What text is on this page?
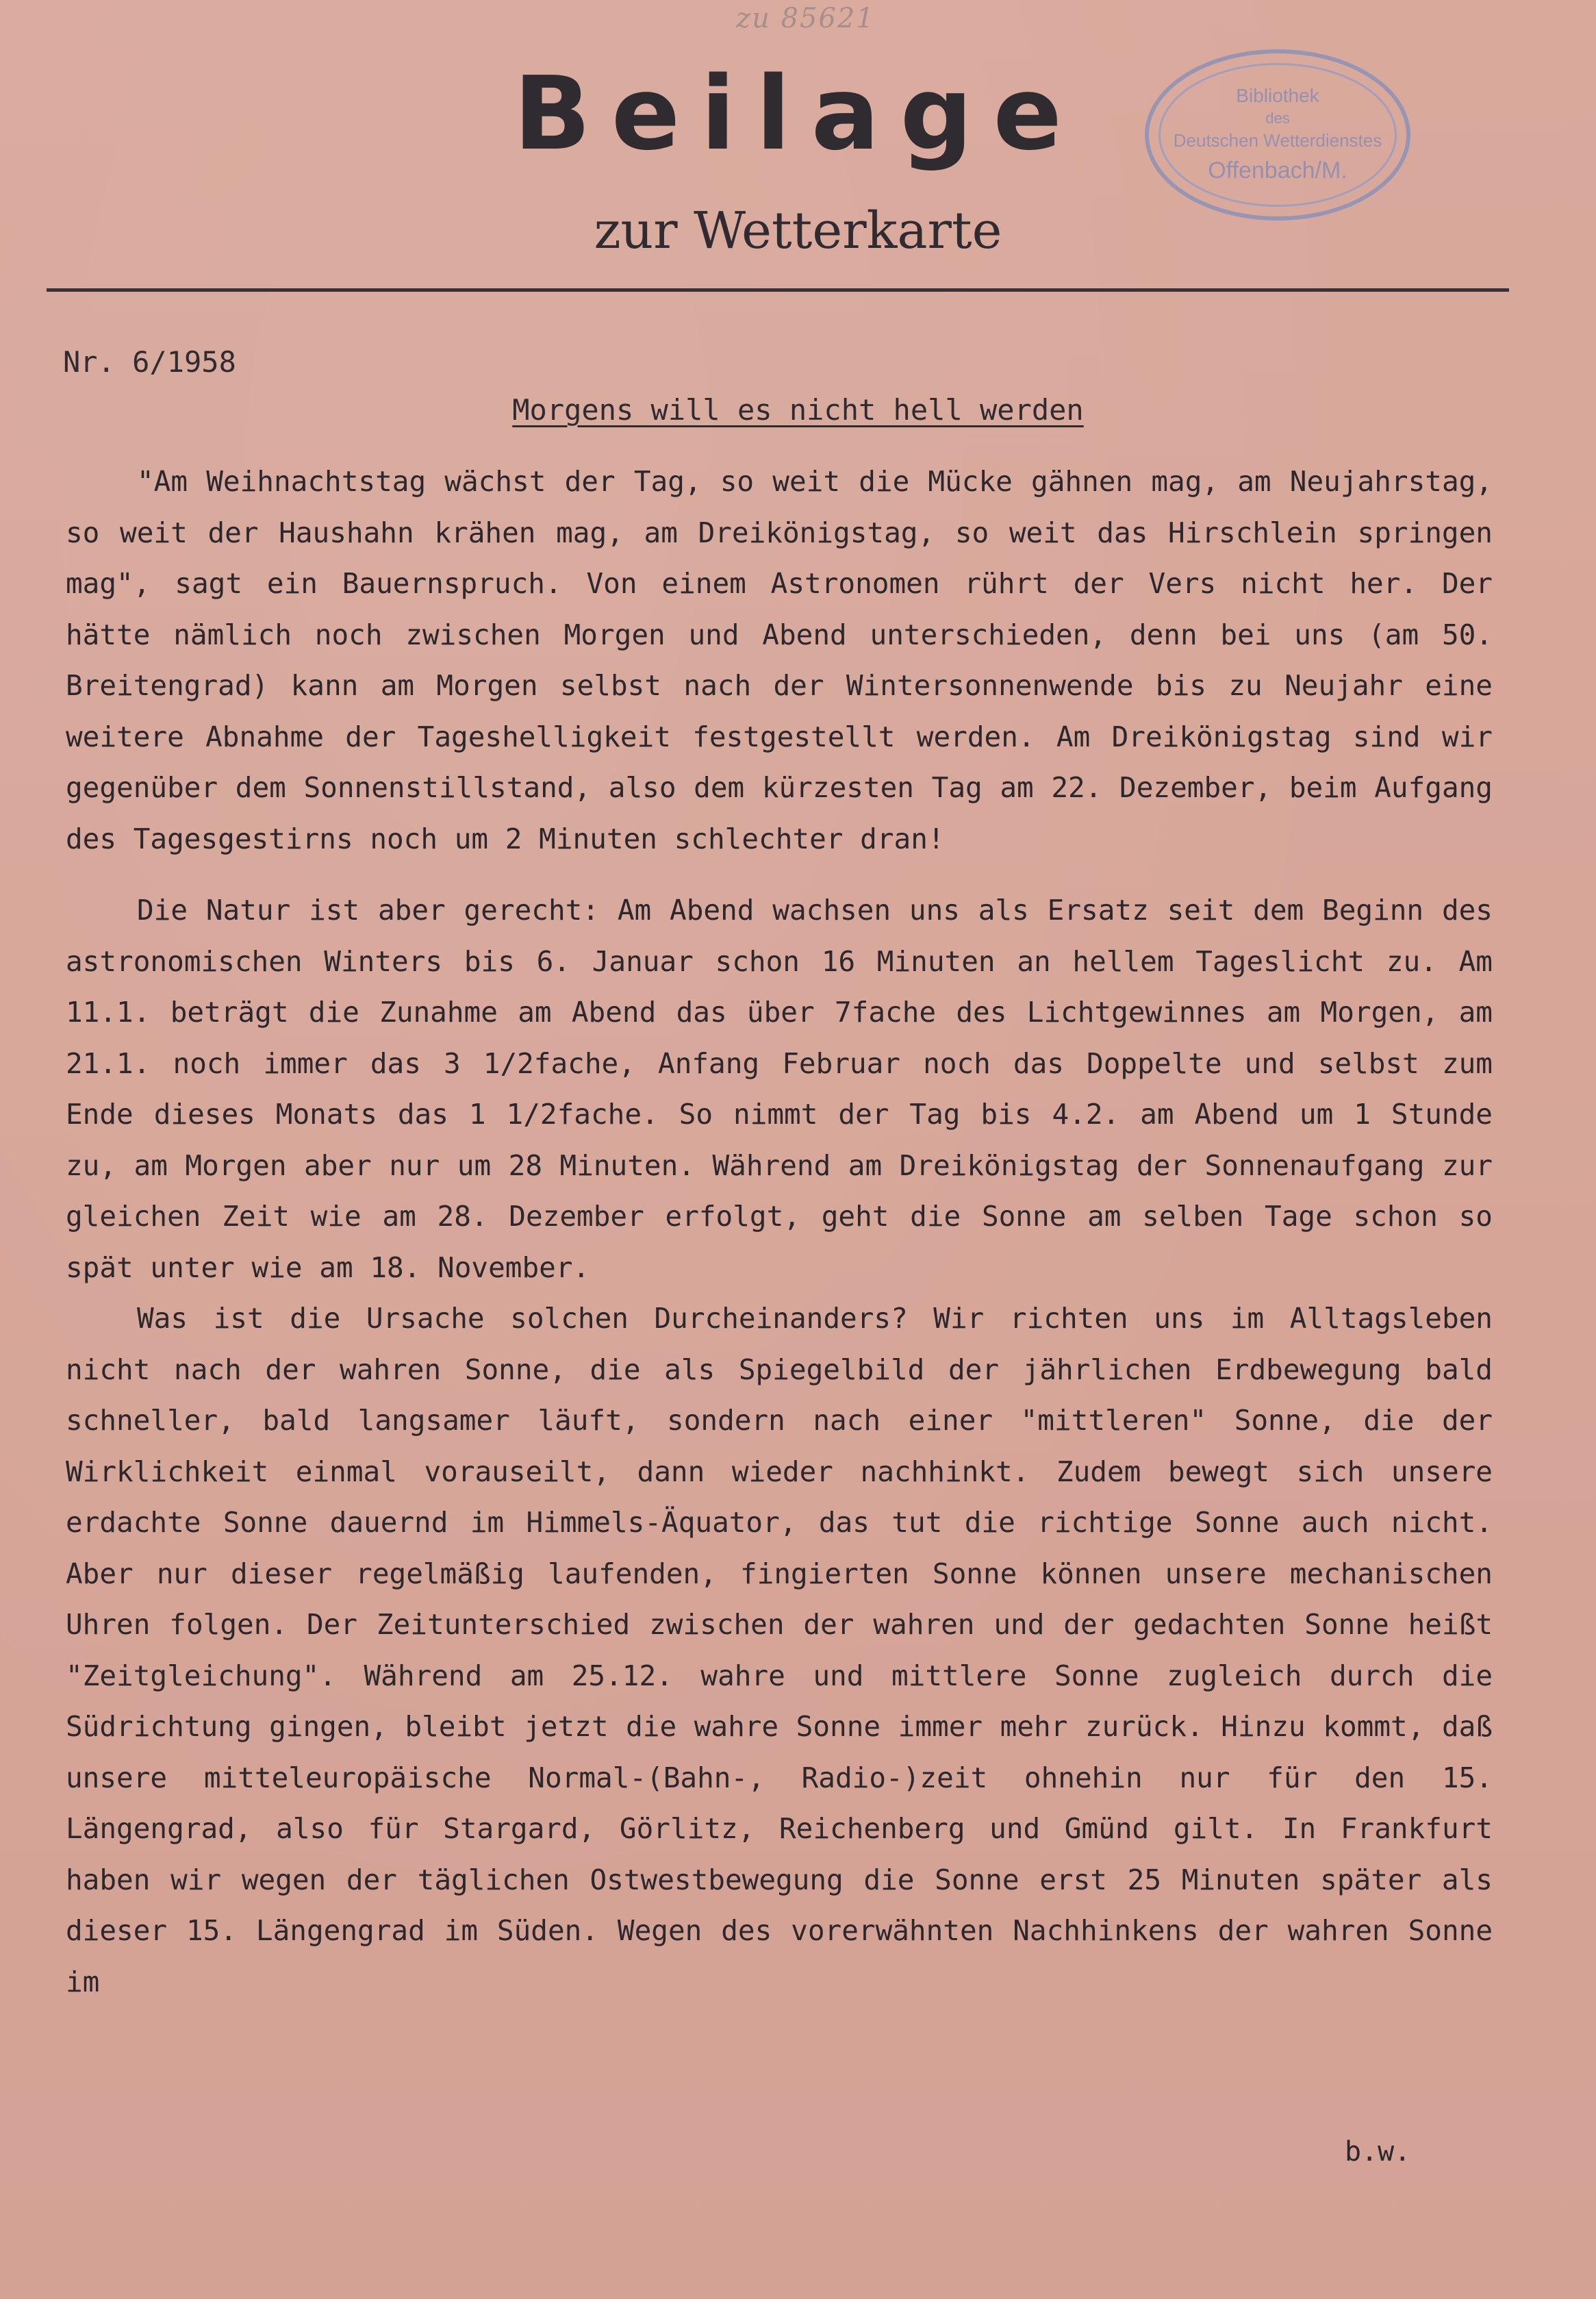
zu 85621
Beilage
zur Wetterkarte
Bibliothek
des
Deutschen Wetterdienstes
Offenbach/M.
Nr. 6/1958
Morgens will es nicht hell werden

"Am Weihnachtstag wächst der Tag, so weit die Mücke gähnen mag, am Neujahrstag, so weit der Haushahn krähen mag, am Dreikönigstag, so weit das Hirschlein springen mag", sagt ein Bauernspruch. Von einem Astronomen rührt der Vers nicht her. Der hätte nämlich noch zwischen Morgen und Abend unterschieden, denn bei uns (am 50. Breitengrad) kann am Morgen selbst nach der Wintersonnenwende bis zu Neujahr eine weitere Abnahme der Tageshelligkeit festgestellt werden. Am Dreikönigstag sind wir gegenüber dem Sonnenstillstand, also dem kürzesten Tag am 22. Dezember, beim Aufgang des Tagesgestirns noch um 2 Minuten schlechter dran!

Die Natur ist aber gerecht: Am Abend wachsen uns als Ersatz seit dem Beginn des astronomischen Winters bis 6. Januar schon 16 Minuten an hellem Tageslicht zu. Am 11.1. beträgt die Zunahme am Abend das über 7fache des Lichtgewinnes am Morgen, am 21.1. noch immer das 3 1/2fache, Anfang Februar noch das Doppelte und selbst zum Ende dieses Monats das 1 1/2fache. So nimmt der Tag bis 4.2. am Abend um 1 Stunde zu, am Morgen aber nur um 28 Minuten. Während am Dreikönigstag der Sonnenaufgang zur gleichen Zeit wie am 28. Dezember erfolgt, geht die Sonne am selben Tage schon so spät unter wie am 18. November.

Was ist die Ursache solchen Durcheinanders? Wir richten uns im Alltagsleben nicht nach der wahren Sonne, die als Spiegelbild der jährlichen Erdbewegung bald schneller, bald langsamer läuft, sondern nach einer "mittleren" Sonne, die der Wirklichkeit einmal vorauseilt, dann wieder nachhinkt. Zudem bewegt sich unsere erdachte Sonne dauernd im Himmels-Äquator, das tut die richtige Sonne auch nicht. Aber nur dieser regelmäßig laufenden, fingierten Sonne können unsere mechanischen Uhren folgen. Der Zeitunterschied zwischen der wahren und der gedachten Sonne heißt "Zeitgleichung". Während am 25.12. wahre und mittlere Sonne zugleich durch die Südrichtung gingen, bleibt jetzt die wahre Sonne immer mehr zurück. Hinzu kommt, daß unsere mitteleuropäische Normal-(Bahn-, Radio-)zeit ohnehin nur für den 15. Längengrad, also für Stargard, Görlitz, Reichenberg und Gmünd gilt. In Frankfurt haben wir wegen der täglichen Ostwestbewegung die Sonne erst 25 Minuten später als dieser 15. Längengrad im Süden. Wegen des vorerwähnten Nachhinkens der wahren Sonne im

b.w.
